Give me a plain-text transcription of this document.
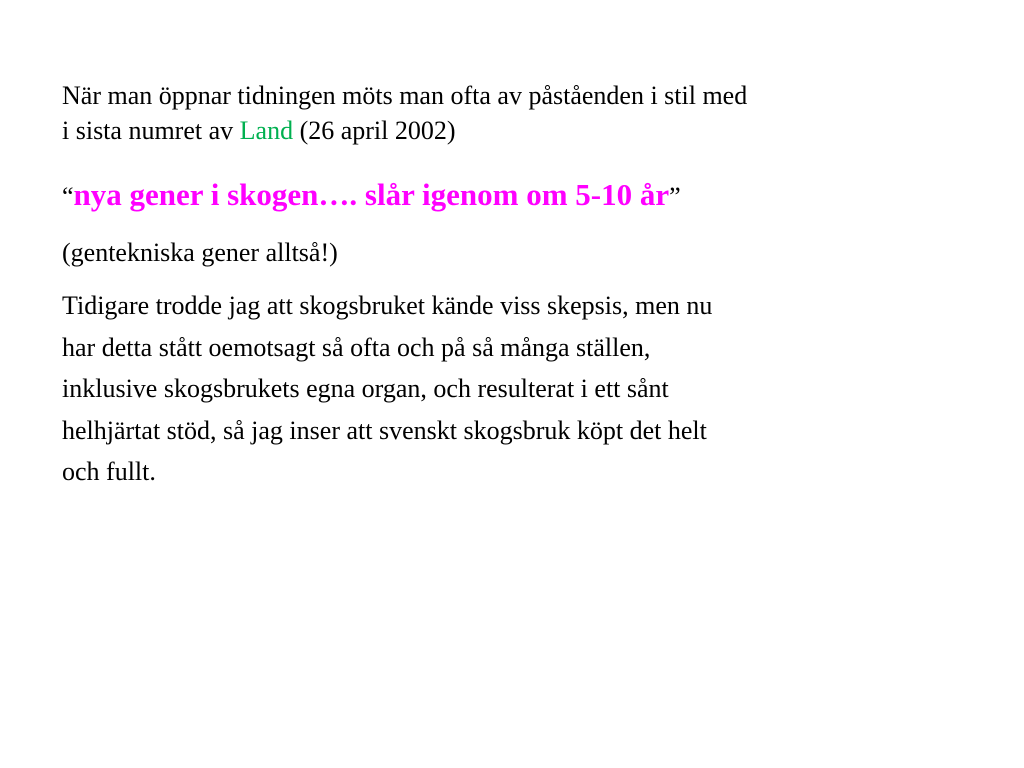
När man öppnar tidningen möts man ofta av påståenden i stil med
i sista numret av Land (26 april 2002)

“nya gener i skogen…. slår igenom om 5-10 år”

(gentekniska gener alltså!)

Tidigare trodde jag att skogsbruket kände viss skepsis, men nu
har detta stått oemotsagt så ofta och på så många ställen,
inklusive skogsbrukets egna organ, och resulterat i ett sånt
helhjärtat stöd, så jag inser att svenskt skogsbruk köpt det helt
och fullt.
